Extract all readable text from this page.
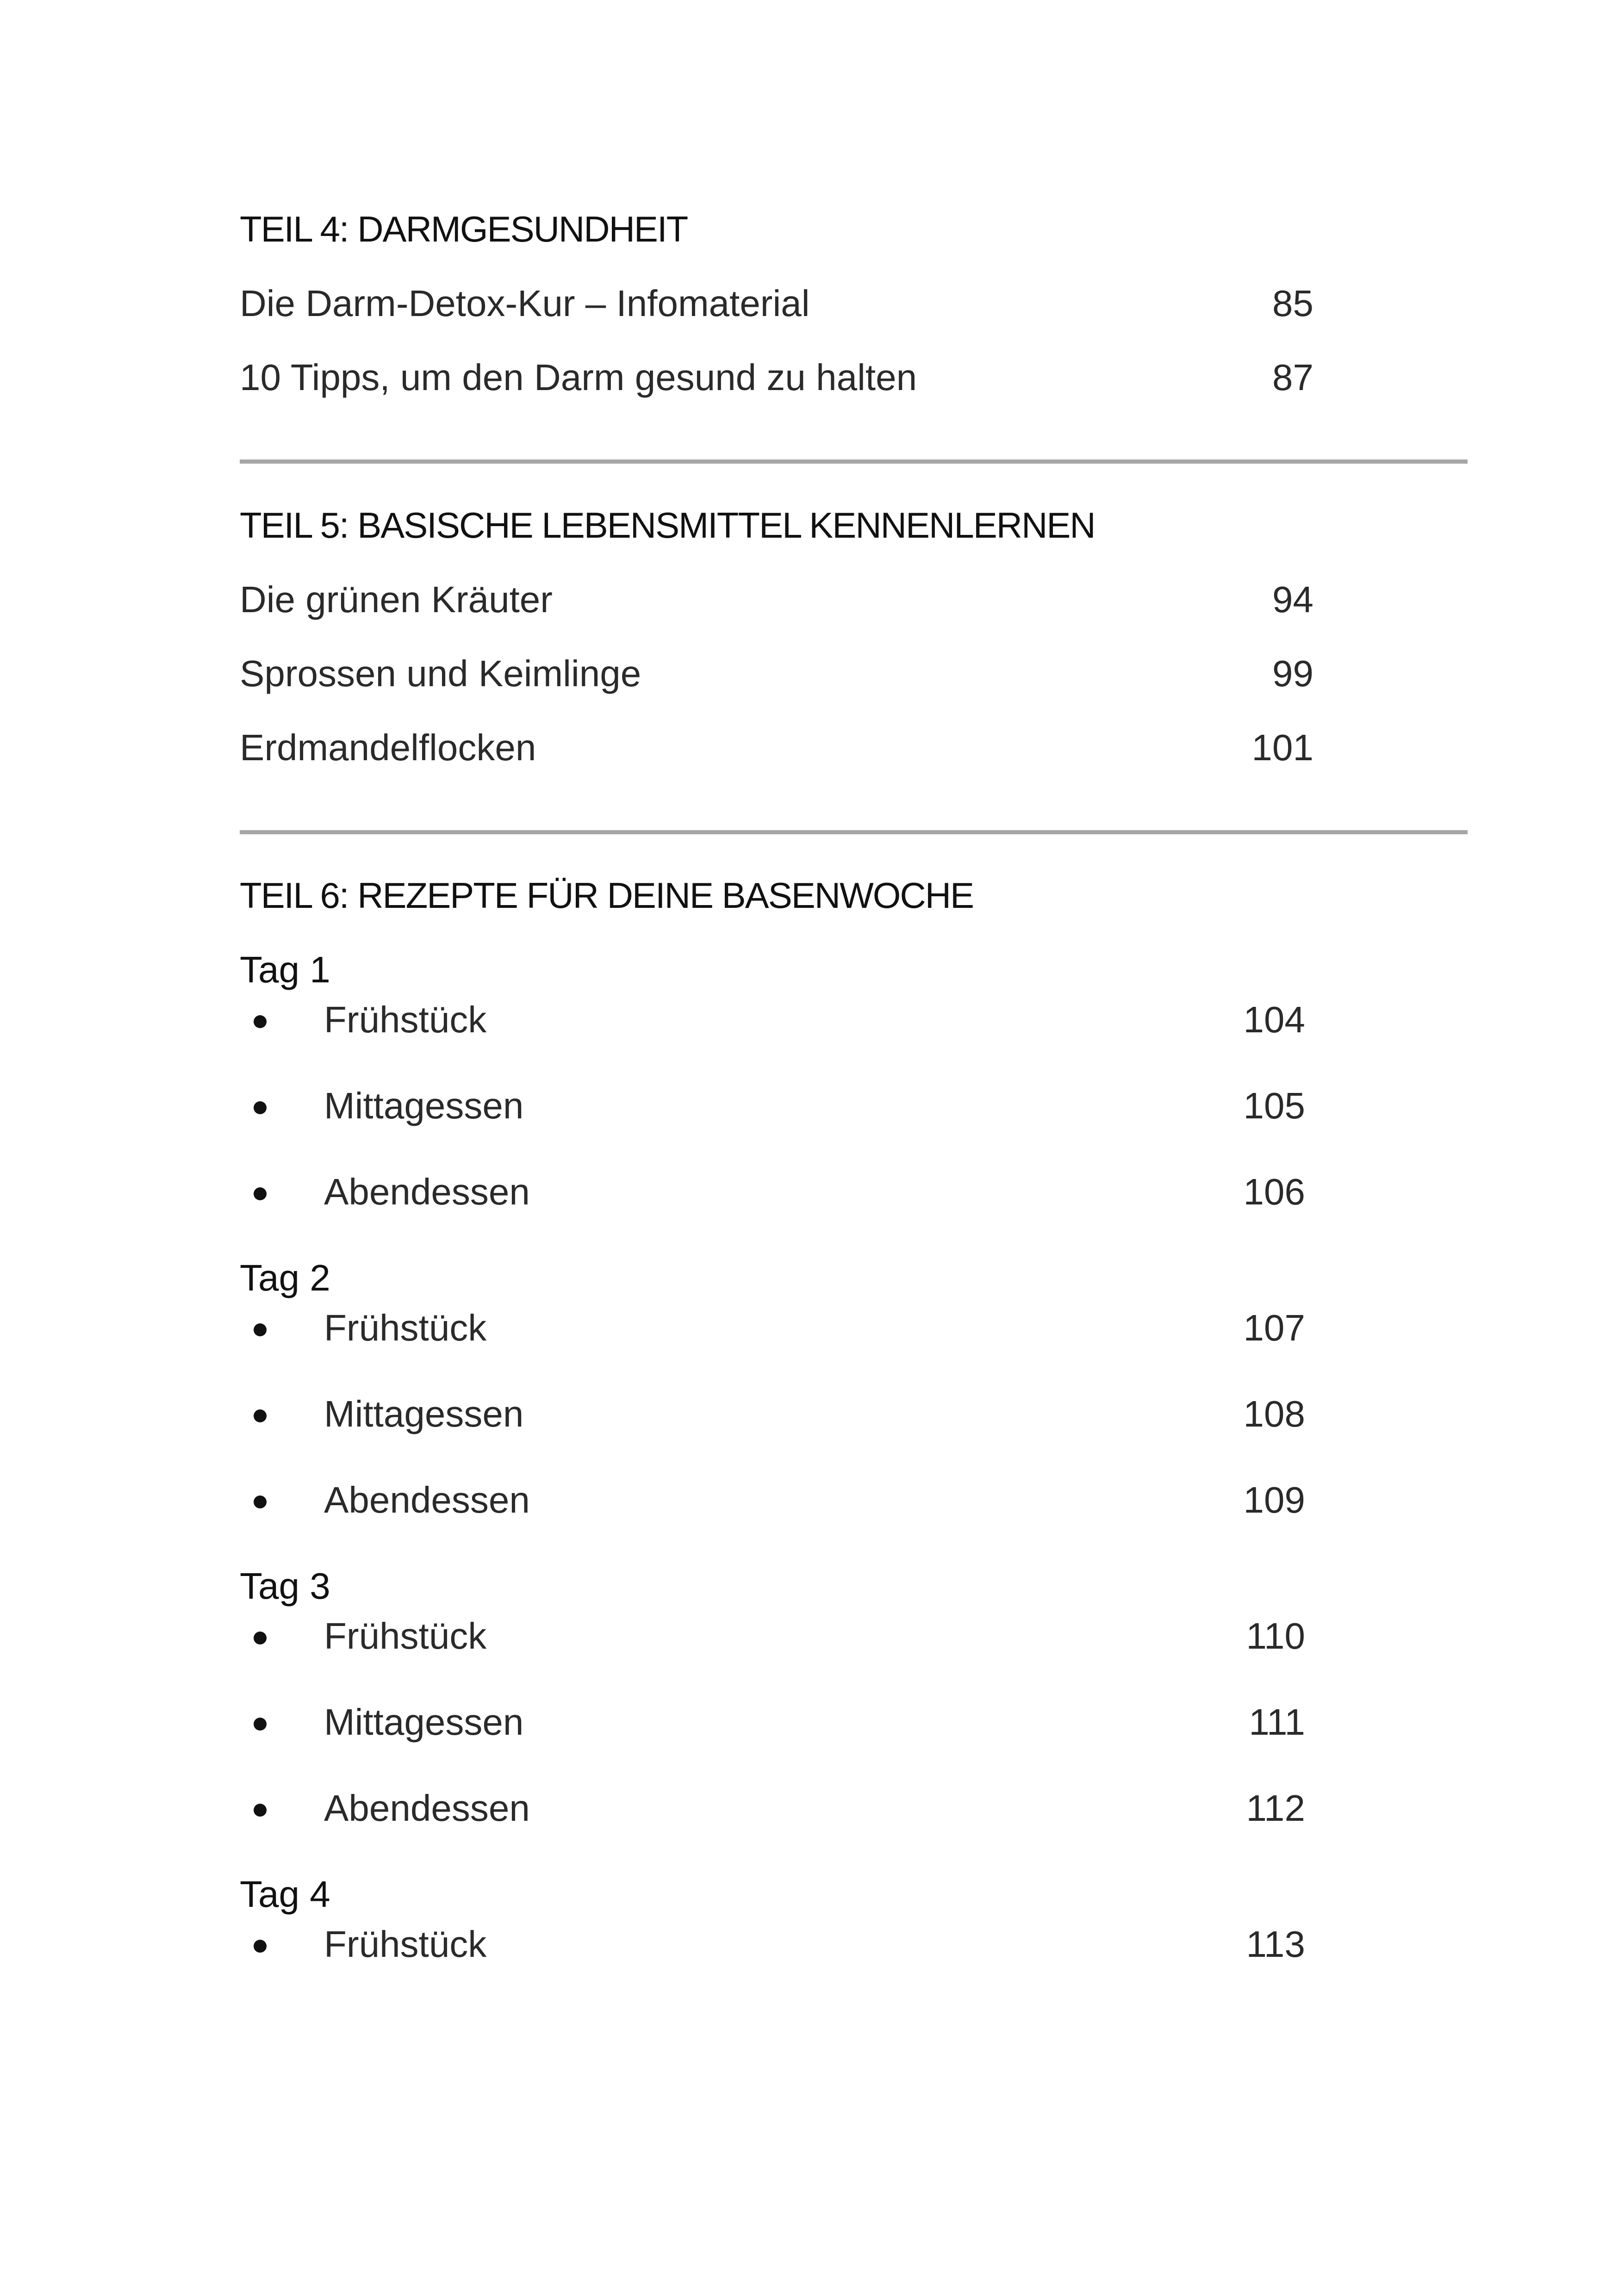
TEIL 4: DARMGESUNDHEIT
Die Darm-Detox-Kur – Infomaterial	85
10 Tipps, um den Darm gesund zu halten	87
TEIL 5: BASISCHE LEBENSMITTEL KENNENLERNEN
Die grünen Kräuter	94
Sprossen und Keimlinge	99
Erdmandelflocken	101
TEIL 6: REZEPTE FÜR DEINE BASENWOCHE
Tag 1
Frühstück	104
Mittagessen	105
Abendessen	106
Tag 2
Frühstück	107
Mittagessen	108
Abendessen	109
Tag 3
Frühstück	110
Mittagessen	111
Abendessen	112
Tag 4
Frühstück	113
